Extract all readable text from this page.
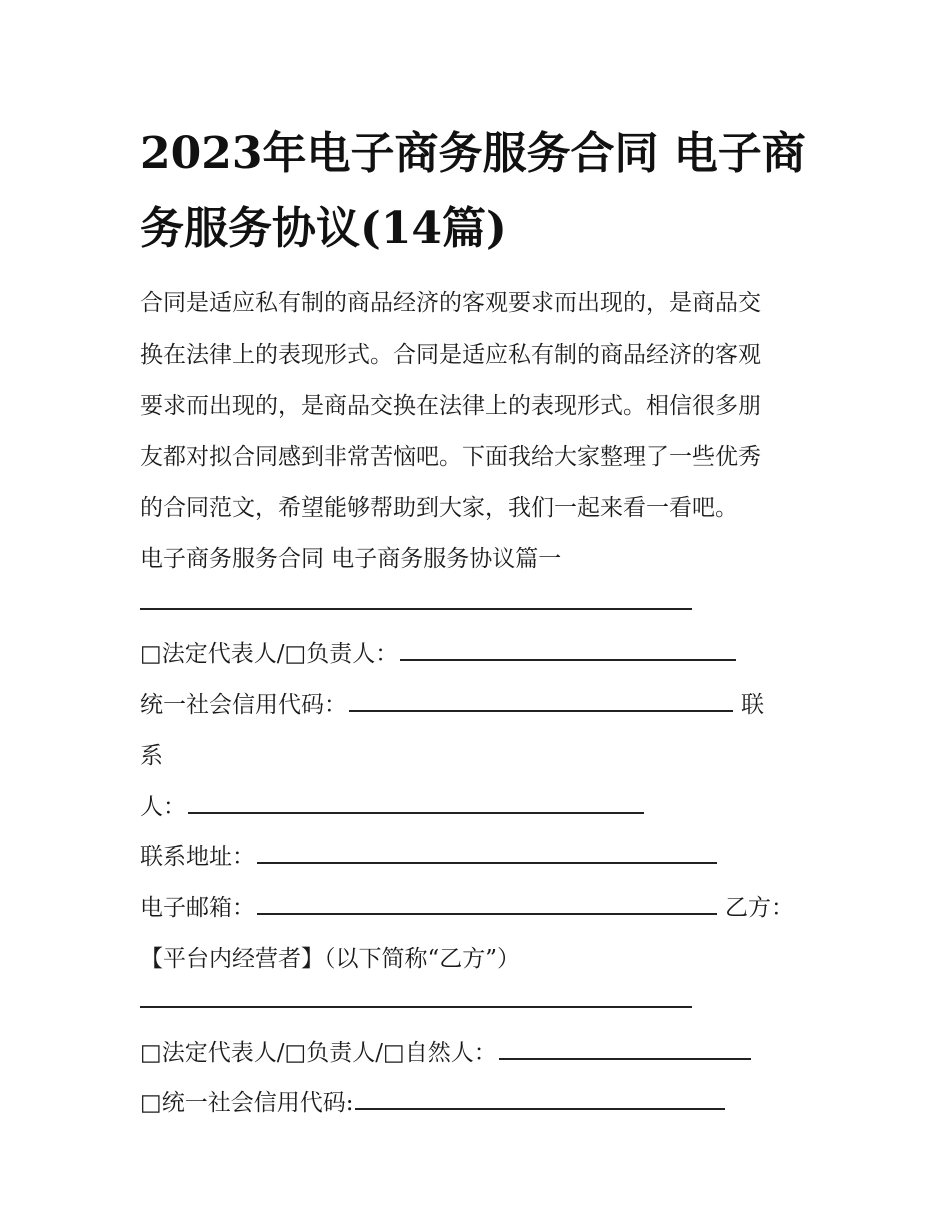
2023年电子商务服务合同 电子商务服务协议(14篇)

合同是适应私有制的商品经济的客观要求而出现的，是商品交

换在法律上的表现形式。合同是适应私有制的商品经济的客观

要求而出现的，是商品交换在法律上的表现形式。相信很多朋

友都对拟合同感到非常苦恼吧。下面我给大家整理了一些优秀

的合同范文，希望能够帮助到大家，我们一起来看一看吧。

电子商务服务合同 电子商务服务协议篇一

□法定代表人/□负责人：

统一社会信用代码：	联

系

人：

联系地址：

电子邮箱：	乙方：

【平台内经营者】（以下简称“乙方”）

□法定代表人/□负责人/□自然人：

□统一社会信用代码:
